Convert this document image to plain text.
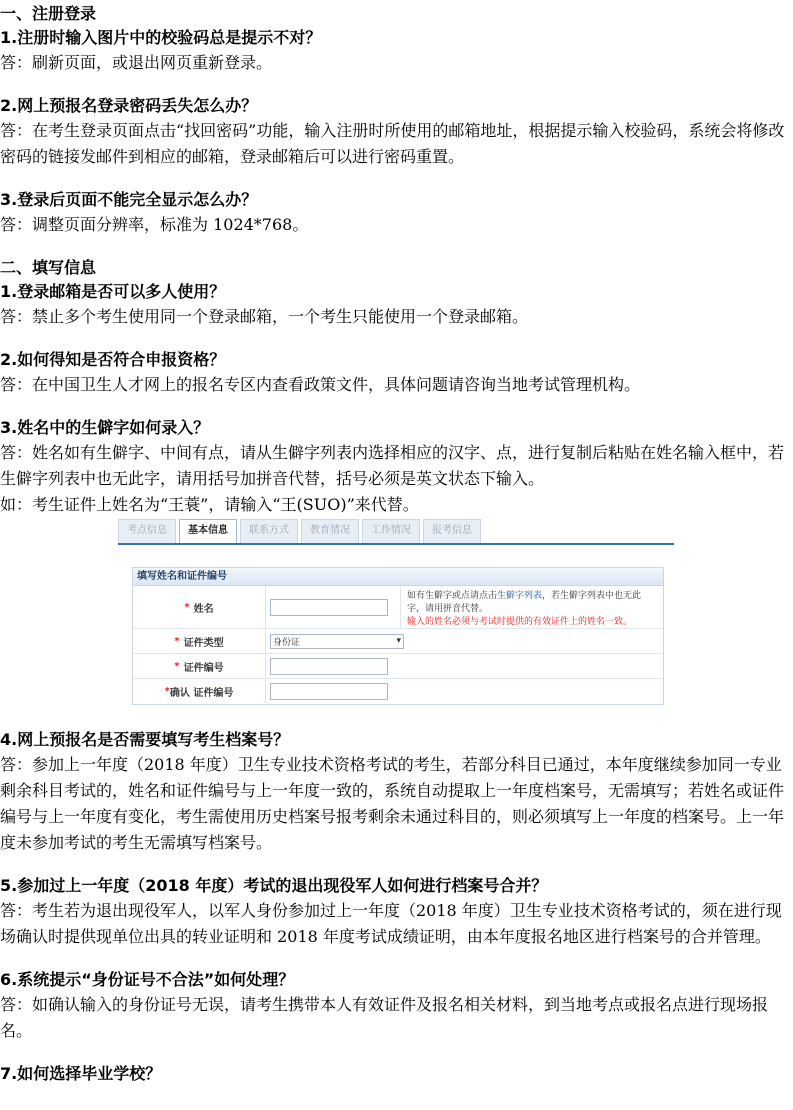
一、注册登录

1.注册时输入图片中的校验码总是提示不对？

答：刷新页面，或退出网页重新登录。

2.网上预报名登录密码丢失怎么办？

答：在考生登录页面点击“找回密码”功能，输入注册时所使用的邮箱地址，根据提示输入校验码，系统会将修改密码的链接发邮件到相应的邮箱，登录邮箱后可以进行密码重置。

3.登录后页面不能完全显示怎么办？

答：调整页面分辨率，标准为 1024*768。

二、填写信息

1.登录邮箱是否可以多人使用？

答：禁止多个考生使用同一个登录邮箱，一个考生只能使用一个登录邮箱。

2.如何得知是否符合申报资格？

答：在中国卫生人才网上的报名专区内查看政策文件，具体问题请咨询当地考试管理机构。

3.姓名中的生僻字如何录入？

答：姓名如有生僻字、中间有点，请从生僻字列表内选择相应的汉字、点，进行复制后粘贴在姓名输入框中，若生僻字列表中也无此字，请用括号加拼音代替，括号必须是英文状态下输入。

如：考生证件上姓名为“王蓑”，请输入“王(SUO)”来代替。

考点信息	基本信息	联系方式	教育情况	工作情况	报考信息
填写姓名和证件编号
* 姓名
如有生僻字或点请点击生僻字列表，若生僻字列表中也无此字，请用拼音代替。
输入的姓名必须与考试时提供的有效证件上的姓名一致。
* 证件类型	身份证	▾
* 证件编号
* 确认 证件编号

4.网上预报名是否需要填写考生档案号？

答：参加上一年度（2018 年度）卫生专业技术资格考试的考生，若部分科目已通过，本年度继续参加同一专业剩余科目考试的，姓名和证件编号与上一年度一致的，系统自动提取上一年度档案号，无需填写；若姓名或证件编号与上一年度有变化，考生需使用历史档案号报考剩余未通过科目的，则必须填写上一年度的档案号。上一年度未参加考试的考生无需填写档案号。

5.参加过上一年度（2018 年度）考试的退出现役军人如何进行档案号合并？

答：考生若为退出现役军人，以军人身份参加过上一年度（2018 年度）卫生专业技术资格考试的，须在进行现场确认时提供现单位出具的转业证明和 2018 年度考试成绩证明，由本年度报名地区进行档案号的合并管理。

6.系统提示“身份证号不合法”如何处理？

答：如确认输入的身份证号无误，请考生携带本人有效证件及报名相关材料，到当地考点或报名点进行现场报名。

7.如何选择毕业学校？
